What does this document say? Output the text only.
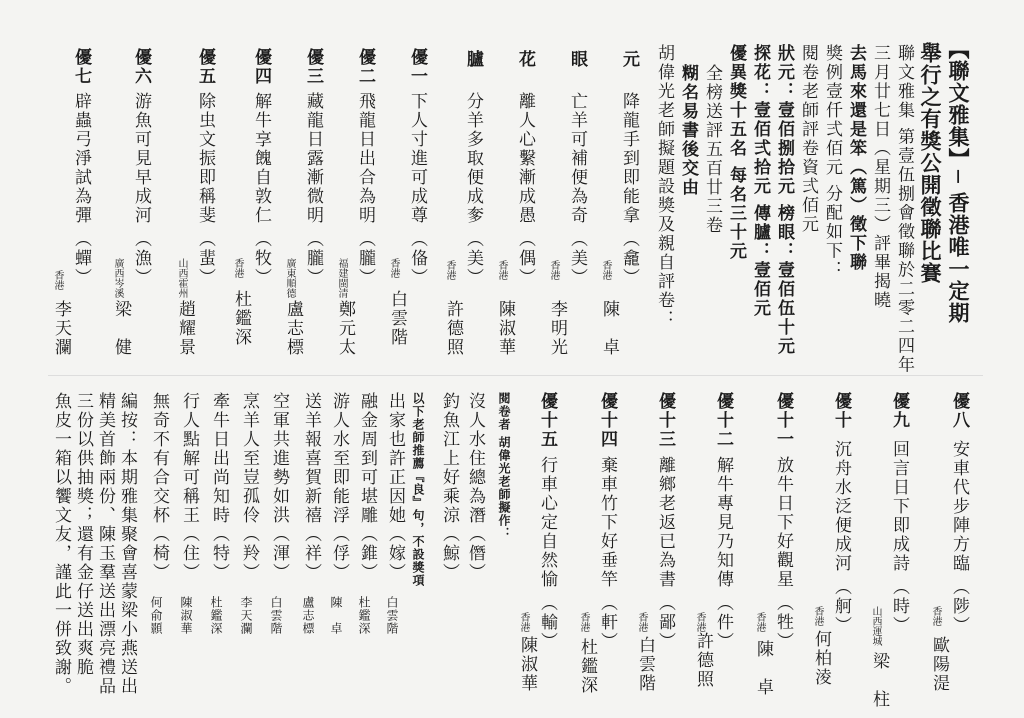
【聯文雅集】─ 香港唯一定期
舉行之有獎公開徵聯比賽
聯文雅集 第壹伍捌會徵聯於二零二四年
三月廿七日（星期三）評畢揭曉
去馬來還是笨（篤）徵下聯
獎例壹仟弍佰元 分配如下：
閱卷老師評卷資弍佰元
狀元：壹佰捌拾元 榜眼：壹佰伍十元
探花：壹佰弍拾元 傳臚：壹佰元
優異獎十五名 每名三十元
全榜送評五百廿三卷
糊名易書後交由
胡偉光老師擬題設獎及親自評卷：
元
降龍手到即能拿
（龕）
香港
陳　卓
眼
亡羊可補便為奇
（美）
香港
李明光
花
離人心繫漸成愚
（偶）
香港
陳淑華
臚
分羊多取便成奓
（美）
香港
許德照
優一
下人寸進可成尊
（俻）
香港
白雲階
優二
飛龍日出合為明
（朧）
福建閩清
鄭元太
優三
藏龍日露漸微明
（朧）
廣東順德
盧志標
優四
解牛享餽自敦仁
（牧）
香港
杜鑑深
優五
除虫文振即稱斐
（蜚）
山西霍州
趙耀景
優六
游魚可見早成河
（漁）
廣西岑溪
梁　健
優七
辟蟲弓淨試為彈
（蟬）
香港
李天瀾
優八
安車代步陣方臨
（陟）
香港
歐陽湜
優九
回言日下即成詩
（時）
山西運城
梁　柱
優十
沉舟水泛便成河
（舸）
香港
何柏淩
優十一
放牛日下好觀星
（牲）
香港
陳　卓
優十二
解牛專見乃知傳
（件）
香港
許德照
優十三
離鄉老返已為書
（鄙）
香港
白雲階
優十四
棄車竹下好垂竿
（軒）
香港
杜鑑深
優十五
行車心定自然愉
（輸）
香港
陳淑華
閱卷者 胡偉光老師擬作：
沒人水住總為潛（僭）
釣魚江上好乘涼（鯨）
以下老師推薦『良』句，不設獎項
出家也許正因她（嫁）
白雲階
融金周到可堪雕（錐）
杜鑑深
游人水至即能浮（俘）
陳　卓
送羊報喜賀新禧（祥）
盧志標
空軍共進勢如洪（渾）
白雲階
烹羊人至豈孤伶（羚）
李天瀾
牽牛日出尚知時（特）
杜鑑深
行人點解可稱王（住）
陳淑華
無奇不有合交杯（椅）
何俞顥
編按：本期雅集聚會喜蒙梁小燕送出
精美首飾兩份、陳玉羣送出漂亮禮品
三份以供抽獎；還有金仔送出爽脆
魚皮一箱以饗文友，謹此一併致謝。
